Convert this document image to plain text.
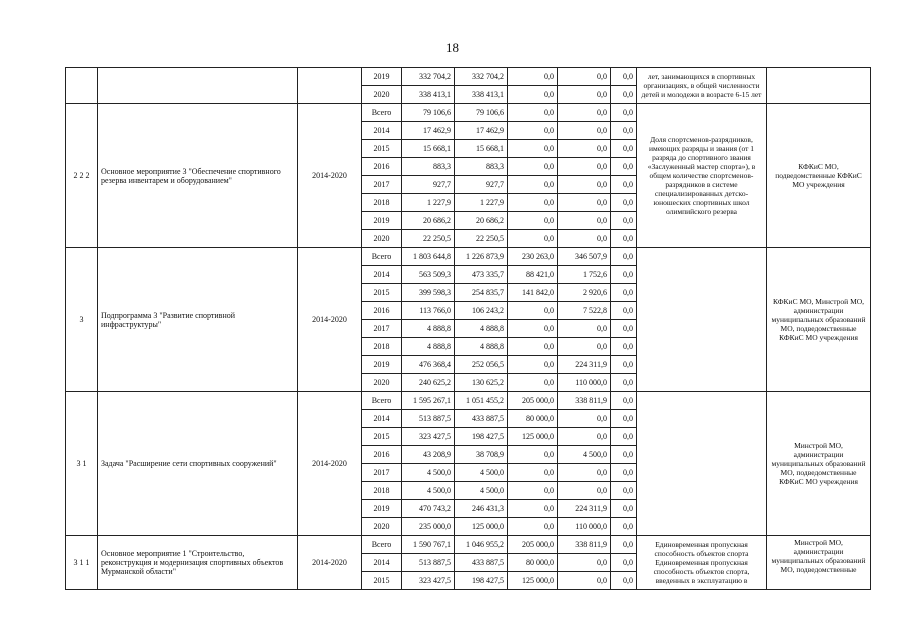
18
			2019	332 704,2	332 704,2	0,0	0,0	0,0	лет, занимающихся в спортивных организациях, в общей численности детей и молодежи в возрасте 6-15 лет	
			2020	338 413,1	338 413,1	0,0	0,0	0,0		
2 2 2	Основное мероприятие 3 "Обеспечение спортивного резерва инвентарем и оборудованием"	2014-2020	Всего	79 106,6	79 106,6	0,0	0,0	0,0	Доля спортсменов-разрядников, имеющих разряды и звания (от 1 разряда до спортивного звания «Заслуженный мастер спорта»), в общем количестве спортсменов-разрядников в системе специализированных детско-юношеских спортивных школ олимпийского резерва	КФКиС МО, подведомственные КФКиС МО учреждения
			2014	17 462,9	17 462,9	0,0	0,0	0,0		
			2015	15 668,1	15 668,1	0,0	0,0	0,0		
			2016	883,3	883,3	0,0	0,0	0,0		
			2017	927,7	927,7	0,0	0,0	0,0		
			2018	1 227,9	1 227,9	0,0	0,0	0,0		
			2019	20 686,2	20 686,2	0,0	0,0	0,0		
			2020	22 250,5	22 250,5	0,0	0,0	0,0		
3	Подпрограмма 3 "Развитие спортивной инфраструктуры"	2014-2020	Всего	1 803 644,8	1 226 873,9	230 263,0	346 507,9	0,0		КФКиС МО, Минстрой МО, администрации муниципальных образований МО, подведомственные КФКиС МО учреждения
			2014	563 509,3	473 335,7	88 421,0	1 752,6	0,0		
			2015	399 598,3	254 835,7	141 842,0	2 920,6	0,0		
			2016	113 766,0	106 243,2	0,0	7 522,8	0,0		
			2017	4 888,8	4 888,8	0,0	0,0	0,0		
			2018	4 888,8	4 888,8	0,0	0,0	0,0		
			2019	476 368,4	252 056,5	0,0	224 311,9	0,0		
			2020	240 625,2	130 625,2	0,0	110 000,0	0,0		
3 1	Задача "Расширение сети спортивных сооружений"	2014-2020	Всего	1 595 267,1	1 051 455,2	205 000,0	338 811,9	0,0		Минстрой МО, администрации муниципальных образований МО, подведомственные КФКиС МО учреждения
			2014	513 887,5	433 887,5	80 000,0	0,0	0,0		
			2015	323 427,5	198 427,5	125 000,0	0,0	0,0		
			2016	43 208,9	38 708,9	0,0	4 500,0	0,0		
			2017	4 500,0	4 500,0	0,0	0,0	0,0		
			2018	4 500,0	4 500,0	0,0	0,0	0,0		
			2019	470 743,2	246 431,3	0,0	224 311,9	0,0		
			2020	235 000,0	125 000,0	0,0	110 000,0	0,0		
3 1 1	Основное мероприятие 1 "Строительство, реконструкция и модернизация спортивных объектов Мурманской области"	2014-2020	Всего	1 590 767,1	1 046 955,2	205 000,0	338 811,9	0,0	Единовременная пропускная способность объектов спорта Единовременная пропускная способность объектов спорта, введенных в эксплуатацию в	Минстрой МО, администрации муниципальных образований МО, подведомственные
			2014	513 887,5	433 887,5	80 000,0	0,0	0,0		
			2015	323 427,5	198 427,5	125 000,0	0,0	0,0		
